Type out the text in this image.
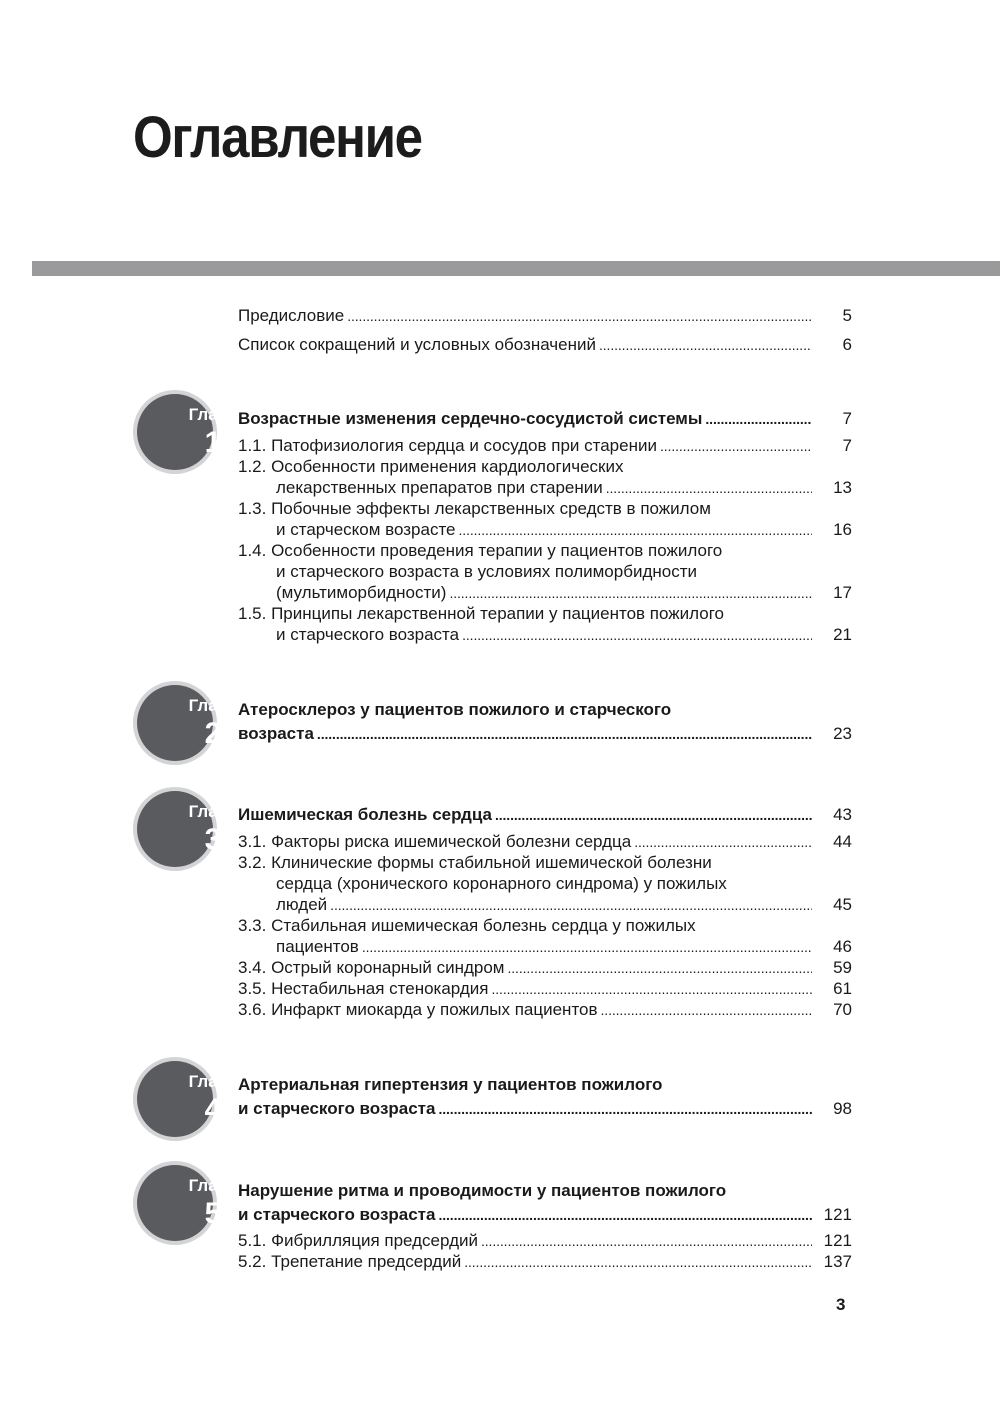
Оглавление
Предисловие . . .	5
Список сокращений и условных обозначений . . .	6
Глава
1
Возрастные изменения сердечно-сосудистой системы . . .	7
1.1. Патофизиология сердца и сосудов при старении . . .	7
1.2. Особенности применения кардиологических
лекарственных препаратов при старении . . .	13
1.3. Побочные эффекты лекарственных средств в пожилом
и старческом возрасте . . .	16
1.4. Особенности проведения терапии у пациентов пожилого
и старческого возраста в условиях полиморбидности
(мультиморбидности) . . .	17
1.5. Принципы лекарственной терапии у пациентов пожилого
и старческого возраста . . .	21
Глава
2
Атеросклероз у пациентов пожилого и старческого
возраста . . .	23
Глава
3
Ишемическая болезнь сердца . . .	43
3.1. Факторы риска ишемической болезни сердца . . .	44
3.2. Клинические формы стабильной ишемической болезни
сердца (хронического коронарного синдрома) у пожилых
людей . . .	45
3.3. Стабильная ишемическая болезнь сердца у пожилых
пациентов . . .	46
3.4. Острый коронарный синдром . . .	59
3.5. Нестабильная стенокардия . . .	61
3.6. Инфаркт миокарда у пожилых пациентов . . .	70
Глава
4
Артериальная гипертензия у пациентов пожилого
и старческого возраста . . .	98
Глава
5
Нарушение ритма и проводимости у пациентов пожилого
и старческого возраста . . .	121
5.1. Фибрилляция предсердий . . .	121
5.2. Трепетание предсердий . . .	137
3
